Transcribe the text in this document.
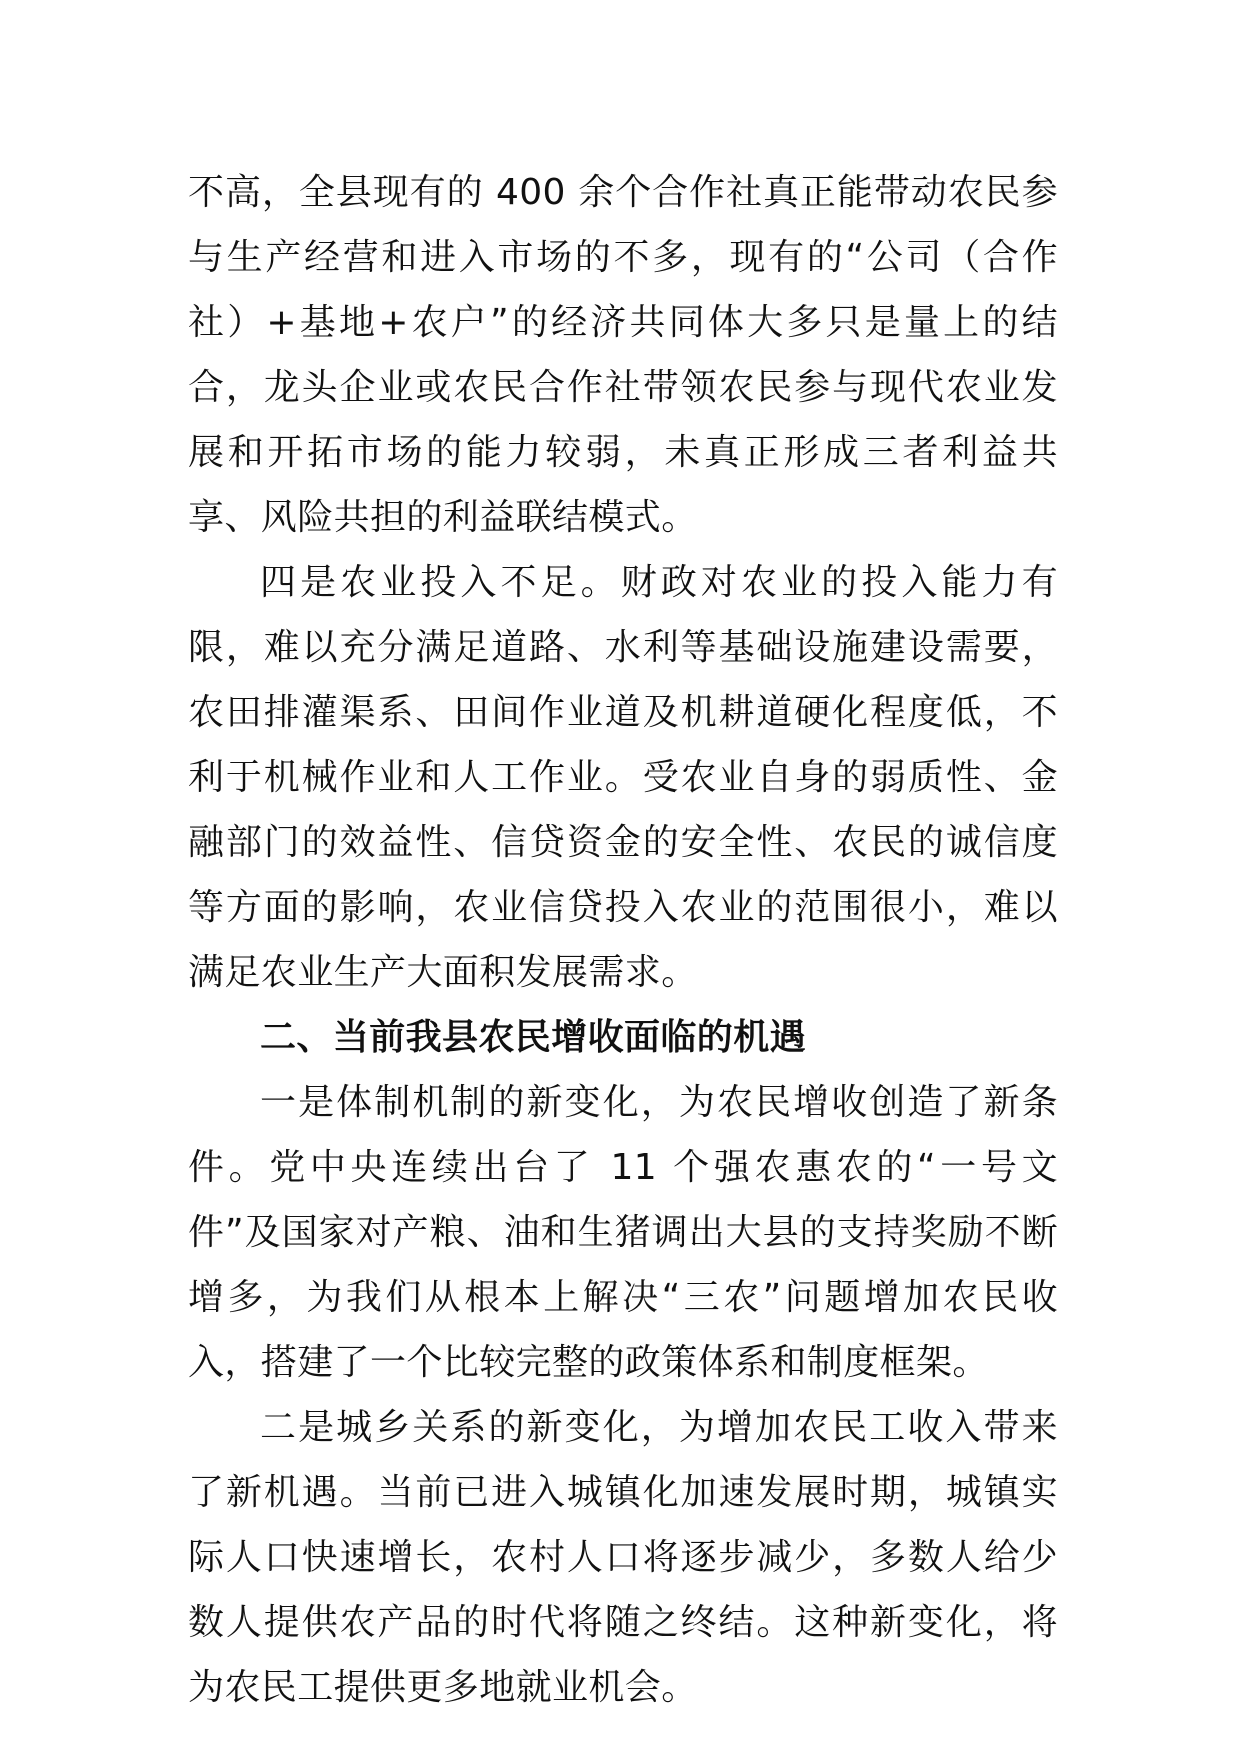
不高，全县现有的 400 余个合作社真正能带动农民参与生产经营和进入市场的不多，现有的“公司（合作社）+基地+农户”的经济共同体大多只是量上的结合，龙头企业或农民合作社带领农民参与现代农业发展和开拓市场的能力较弱，未真正形成三者利益共享、风险共担的利益联结模式。

四是农业投入不足。财政对农业的投入能力有限，难以充分满足道路、水利等基础设施建设需要，农田排灌渠系、田间作业道及机耕道硬化程度低，不利于机械作业和人工作业。受农业自身的弱质性、金融部门的效益性、信贷资金的安全性、农民的诚信度等方面的影响，农业信贷投入农业的范围很小，难以满足农业生产大面积发展需求。

二、当前我县农民增收面临的机遇

一是体制机制的新变化，为农民增收创造了新条件。党中央连续出台了 11 个强农惠农的“一号文件”及国家对产粮、油和生猪调出大县的支持奖励不断增多，为我们从根本上解决“三农”问题增加农民收入，搭建了一个比较完整的政策体系和制度框架。

二是城乡关系的新变化，为增加农民工收入带来了新机遇。当前已进入城镇化加速发展时期，城镇实际人口快速增长，农村人口将逐步减少，多数人给少数人提供农产品的时代将随之终结。这种新变化，将为农民工提供更多地就业机会。
